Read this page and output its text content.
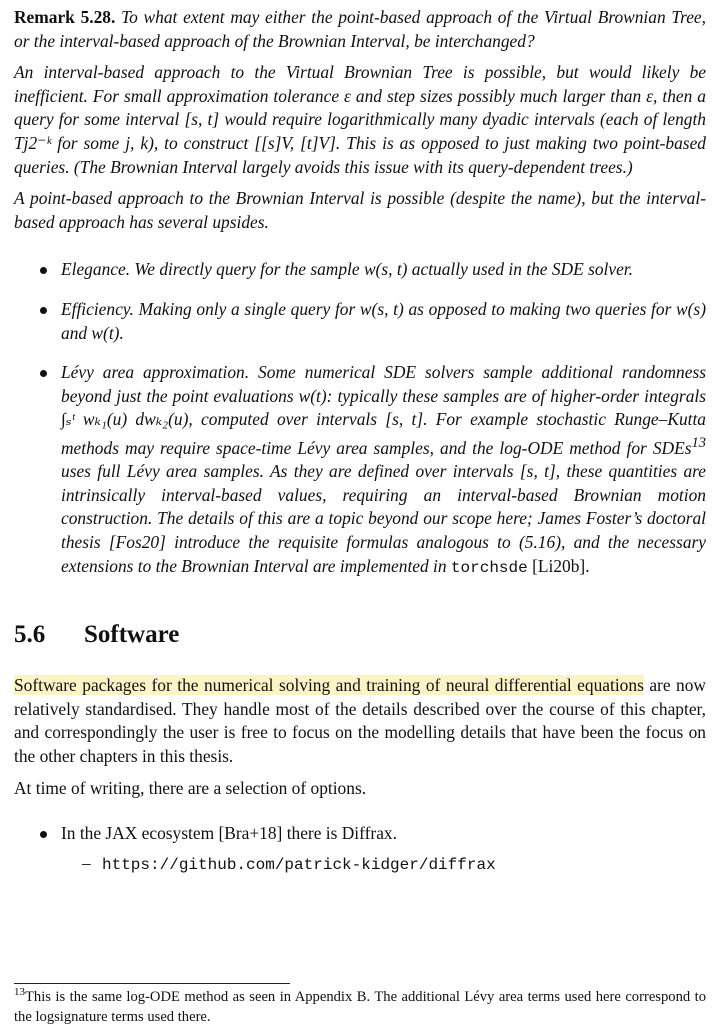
Remark 5.28. To what extent may either the point-based approach of the Virtual Brownian Tree, or the interval-based approach of the Brownian Interval, be interchanged?

An interval-based approach to the Virtual Brownian Tree is possible, but would likely be inefficient. For small approximation tolerance ε and step sizes possibly much larger than ε, then a query for some interval [s, t] would require logarithmically many dyadic intervals (each of length Tj2⁻ᵏ for some j, k), to construct [[s]V, [t]V]. This is as opposed to just making two point-based queries. (The Brownian Interval largely avoids this issue with its query-dependent trees.)

A point-based approach to the Brownian Interval is possible (despite the name), but the interval-based approach has several upsides.

Elegance. We directly query for the sample w(s, t) actually used in the SDE solver.
Efficiency. Making only a single query for w(s, t) as opposed to making two queries for w(s) and w(t).
Lévy area approximation. Some numerical SDE solvers sample additional randomness beyond just the point evaluations w(t): typically these samples are of higher-order integrals ∫ₛᵗ wₖ₁(u) dwₖ₂(u), computed over intervals [s, t]. For example stochastic Runge–Kutta methods may require space-time Lévy area samples, and the log-ODE method for SDEs$^{13}$ uses full Lévy area samples. As they are defined over intervals [s, t], these quantities are intrinsically interval-based values, requiring an interval-based Brownian motion construction. The details of this are a topic beyond our scope here; James Foster’s doctoral thesis [Fos20] introduce the requisite formulas analogous to (5.16), and the necessary extensions to the Brownian Interval are implemented in torchsde [Li20b].
5.6 Software

Software packages for the numerical solving and training of neural differential equations are now relatively standardised. They handle most of the details described over the course of this chapter, and correspondingly the user is free to focus on the modelling details that have been the focus on the other chapters in this thesis.

At time of writing, there are a selection of options.

In the JAX ecosystem [Bra+18] there is Diffrax.
– https://github.com/patrick-kidger/diffrax
$^{13}$This is the same log-ODE method as seen in Appendix B. The additional Lévy area terms used here correspond to the logsignature terms used there.
